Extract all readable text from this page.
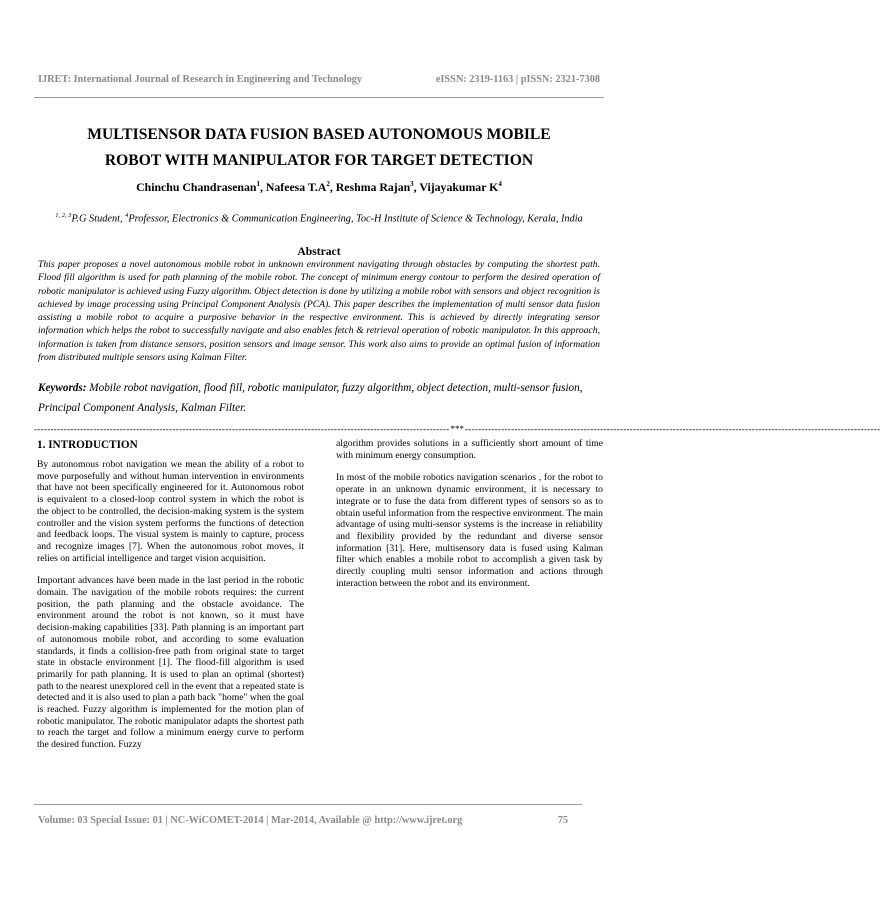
IJRET: International Journal of Research in Engineering and Technology	eISSN: 2319-1163 | pISSN: 2321-7308
MULTISENSOR DATA FUSION BASED AUTONOMOUS MOBILE
ROBOT WITH MANIPULATOR FOR TARGET DETECTION
Chinchu Chandrasenan$^1$, Nafeesa $T.A^2$, Reshma Rajan$^3$, Vijayakumar $K^4$
$^{1, 2, 3}$P.G Student, $^4$Professor, Electronics & Communication Engineering, Toc-H Institute of Science & Technology, Kerala, India
Abstract
This paper proposes a novel autonomous mobile robot in unknown environment navigating through obstacles by computing the shortest path. Flood fill algorithm is used for path planning of the mobile robot. The concept of minimum energy contour to perform the desired operation of robotic manipulator is achieved using Fuzzy algorithm. Object detection is done by utilizing a mobile robot with sensors and object recognition is achieved by image processing using Principal Component Analysis (PCA). This paper describes the implementation of multi sensor data fusion assisting a mobile robot to acquire a purposive behavior in the respective environment. This is achieved by directly integrating sensor information which helps the robot to successfully navigate and also enables fetch & retrieval operation of robotic manipulator. In this approach, information is taken from distance sensors, position sensors and image sensor. This work also aims to provide an optimal fusion of information from distributed multiple sensors using Kalman Filter.
Keywords: Mobile robot navigation, flood fill, robotic manipulator, fuzzy algorithm, object detection, multi-sensor fusion, Principal Component Analysis, Kalman Filter.
------------------------------------------------------------------------------------------------------------------------------ *** ------------------------------------------------------------------------------------------------------------------------------
1. INTRODUCTION

By autonomous robot navigation we mean the ability of a robot to move purposefully and without human intervention in environments that have not been specifically engineered for it. Autonomous robot is equivalent to a closed-loop control system in which the robot is the object to be controlled, the decision-making system is the system controller and the vision system performs the functions of detection and feedback loops. The visual system is mainly to capture, process and recognize images [7]. When the autonomous robot moves, it relies on artificial intelligence and target vision acquisition.

Important advances have been made in the last period in the robotic domain. The navigation of the mobile robots requires: the current position, the path planning and the obstacle avoidance. The environment around the robot is not known, so it must have decision-making capabilities [33]. Path planning is an important part of autonomous mobile robot, and according to some evaluation standards, it finds a collision-free path from original state to target state in obstacle environment [1]. The flood-fill algorithm is used primarily for path planning. It is used to plan an optimal (shortest) path to the nearest unexplored cell in the event that a repeated state is detected and it is also used to plan a path back "home" when the goal is reached. Fuzzy algorithm is implemented for the motion plan of robotic manipulator. The robotic manipulator adapts the shortest path to reach the target and follow a minimum energy curve to perform the desired function. Fuzzy

algorithm provides solutions in a sufficiently short amount of time with minimum energy consumption.

In most of the mobile robotics navigation scenarios , for the robot to operate in an unknown dynamic environment, it is necessary to integrate or to fuse the data from different types of sensors so as to obtain useful information from the respective environment. The main advantage of using multi-sensor systems is the increase in reliability and flexibility provided by the redundant and diverse sensor information [31]. Here, multisensory data is fused using Kalman filter which enables a mobile robot to accomplish a given task by directly coupling multi sensor information and actions through interaction between the robot and its environment.

Volume: 03 Special Issue: 01 | NC-WiCOMET-2014 | Mar-2014, Available @ http://www.ijret.org	75
